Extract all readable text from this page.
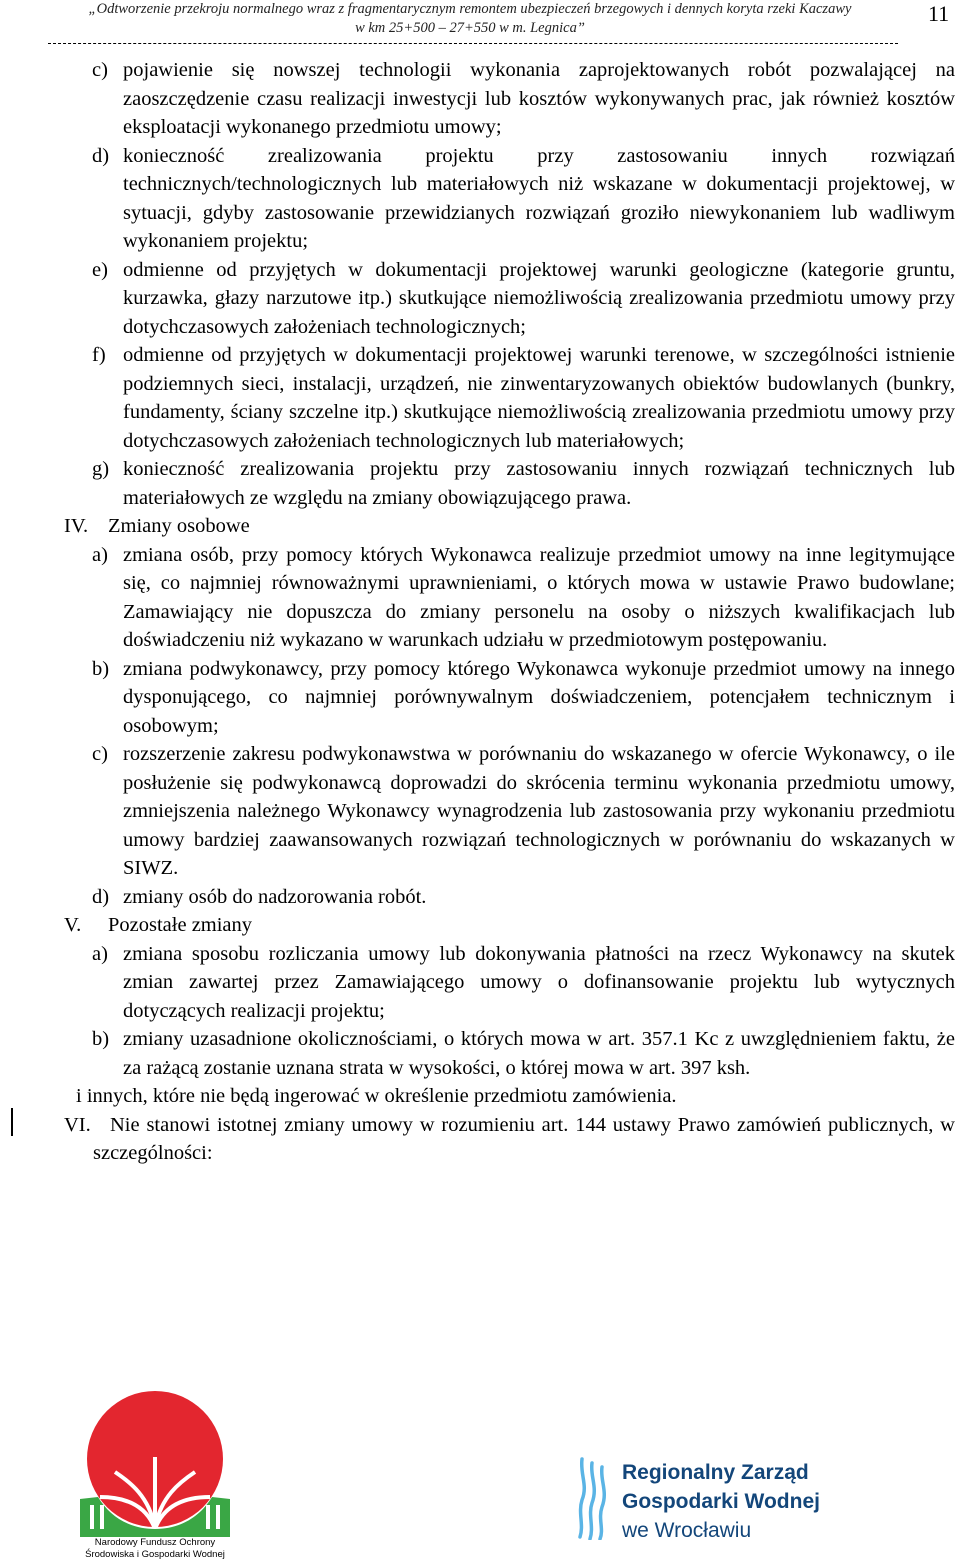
„Odtworzenie przekroju normalnego wraz z fragmentarycznym remontem ubezpieczeń brzegowych i dennych koryta rzeki Kaczawy
w km 25+500 – 27+550 w m. Legnica”
11
c) pojawienie się nowszej technologii wykonania zaprojektowanych robót pozwalającej na zaoszczędzenie czasu realizacji inwestycji lub kosztów wykonywanych prac, jak również kosztów eksploatacji wykonanego przedmiotu umowy;
d) konieczność zrealizowania projektu przy zastosowaniu innych rozwiązań technicznych/technologicznych lub materiałowych niż wskazane w dokumentacji projektowej, w sytuacji, gdyby zastosowanie przewidzianych rozwiązań groziło niewykonaniem lub wadliwym wykonaniem projektu;
e) odmienne od przyjętych w dokumentacji projektowej warunki geologiczne (kategorie gruntu, kurzawka, głazy narzutowe itp.) skutkujące niemożliwością zrealizowania przedmiotu umowy przy dotychczasowych założeniach technologicznych;
f) odmienne od przyjętych w dokumentacji projektowej warunki terenowe, w szczególności istnienie podziemnych sieci, instalacji, urządzeń, nie zinwentaryzowanych obiektów budowlanych (bunkry, fundamenty, ściany szczelne itp.) skutkujące niemożliwością zrealizowania przedmiotu umowy przy dotychczasowych założeniach technologicznych lub materiałowych;
g) konieczność zrealizowania projektu przy zastosowaniu innych rozwiązań technicznych lub materiałowych ze względu na zmiany obowiązującego prawa.
IV. Zmiany osobowe
a) zmiana osób, przy pomocy których Wykonawca realizuje przedmiot umowy na inne legitymujące się, co najmniej równoważnymi uprawnieniami, o których mowa w ustawie Prawo budowlane; Zamawiający nie dopuszcza do zmiany personelu na osoby o niższych kwalifikacjach lub doświadczeniu niż wykazano w warunkach udziału w przedmiotowym postępowaniu.
b) zmiana podwykonawcy, przy pomocy którego Wykonawca wykonuje przedmiot umowy na innego dysponującego, co najmniej porównywalnym doświadczeniem, potencjałem technicznym i osobowym;
c) rozszerzenie zakresu podwykonawstwa w porównaniu do wskazanego w ofercie Wykonawcy, o ile posłużenie się podwykonawcą doprowadzi do skrócenia terminu wykonania przedmiotu umowy, zmniejszenia należnego Wykonawcy wynagrodzenia lub zastosowania przy wykonaniu przedmiotu umowy bardziej zaawansowanych rozwiązań technologicznych w porównaniu do wskazanych w SIWZ.
d) zmiany osób do nadzorowania robót.
V. Pozostałe zmiany
a) zmiana sposobu rozliczania umowy lub dokonywania płatności na rzecz Wykonawcy na skutek zmian zawartej przez Zamawiającego umowy o dofinansowanie projektu lub wytycznych dotyczących realizacji projektu;
b) zmiany uzasadnione okolicznościami, o których mowa w art. 357.1 Kc z uwzględnieniem faktu, że za rażącą zostanie uznana strata w wysokości, o której mowa w art. 397 ksh.
i innych, które nie będą ingerować w określenie przedmiotu zamówienia.
VI. Nie stanowi istotnej zmiany umowy w rozumieniu art. 144 ustawy Prawo zamówień publicznych, w szczególności:
Narodowy Fundusz Ochrony
Środowiska i Gospodarki Wodnej
Regionalny Zarząd
Gospodarki Wodnej
we Wrocławiu
